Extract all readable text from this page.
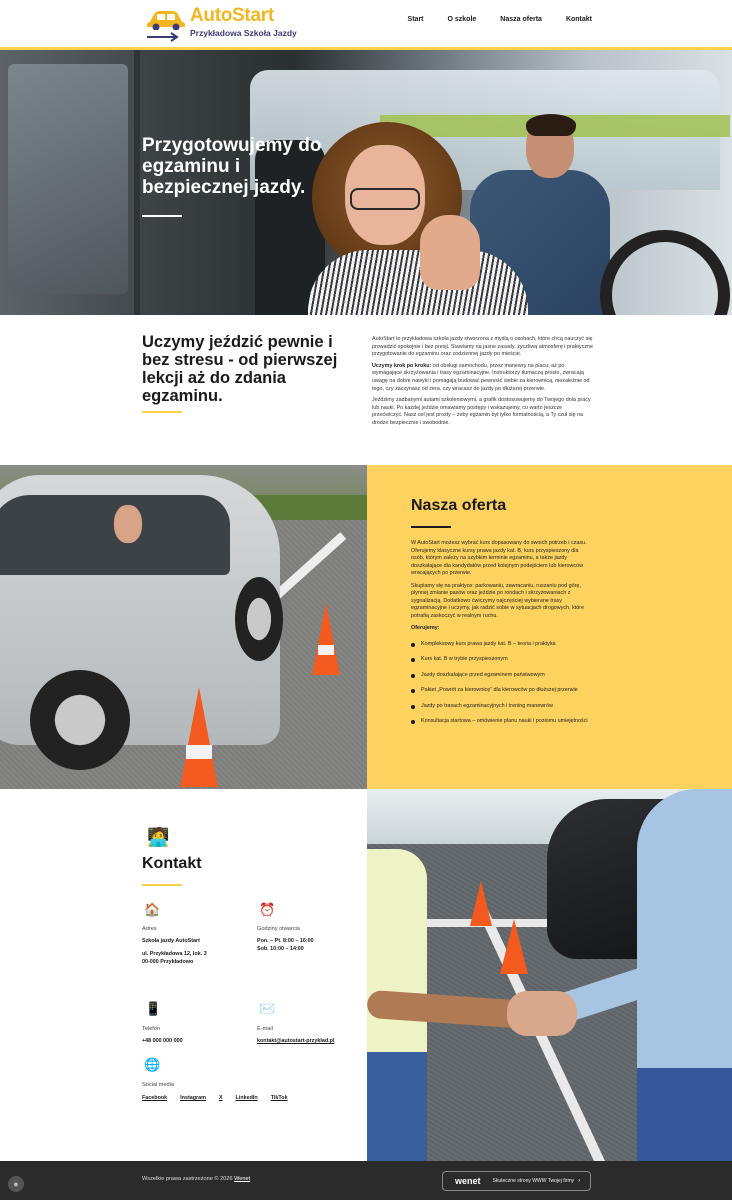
AutoStart
Przykładowa Szkoła Jazdy
Start	O szkole	Nasza oferta	Kontakt
Przygotowujemy do egzaminu i bezpiecznej jazdy.
Uczymy jeździć pewnie i bez stresu - od pierwszej lekcji aż do zdania egzaminu.

AutoStart to przykładowa szkoła jazdy stworzona z myślą o osobach, które chcą nauczyć się prowadzić spokojnie i bez presji. Stawiamy na jasne zasady, życzliwą atmosferę i praktyczne przygotowanie do egzaminu oraz codziennej jazdy po mieście.

Uczymy krok po kroku: od obsługi samochodu, przez manewry na placu, aż po wymagające skrzyżowania i trasy egzaminacyjne. Instruktorzy tłumaczą prosto, zwracają uwagę na dobre nawyki i pomagają budować pewność siebie za kierownicą, niezależnie od tego, czy zaczynasz od zera, czy wracasz do jazdy po dłuższej przerwie.

Jeździmy zadbanymi autami szkoleniowymi, a grafik dostosowujemy do Twojego dnia pracy lub nauki. Po każdej jeździe omawiamy postępy i wskazujemy, co warto jeszcze przećwiczyć. Nasz cel jest prosty – żeby egzamin był tylko formalnością, a Ty czuł się na drodze bezpiecznie i swobodnie.

Nasza oferta

W AutoStart możesz wybrać kurs dopasowany do swoich potrzeb i czasu. Oferujemy klasyczne kursy prawa jazdy kat. B, kurs przyspieszony dla osób, którym zależy na szybkim terminie egzaminu, a także jazdy doszkalające dla kandydatów przed kolejnym podejściem lub kierowców wracających po przerwie.

Skupiamy się na praktyce: parkowaniu, zawracaniu, ruszaniu pod górę, płynnej zmianie pasów oraz jeździe po rondach i skrzyżowaniach z sygnalizacją. Dodatkowo ćwiczymy najczęściej wybierane trasy egzaminacyjne i uczymy, jak radzić sobie w sytuacjach drogowych, które potrafią zaskoczyć w realnym ruchu.

Oferujemy:

Kompleksowy kurs prawa jazdy kat. B – teoria i praktyka
Kurs kat. B w trybie przyspieszonym
Jazdy doszkalające przed egzaminem państwowym
Pakiet „Powrót za kierownicę” dla kierowców po dłuższej przerwie
Jazdy po trasach egzaminacyjnych i trening manewrów
Konsultacja startowa – omówienie planu nauki i poziomu umiejętności
🧑‍💻
Kontakt
🏠
Adres
Szkoła jazdy AutoStart
ul. Przykładowa 12, lok. 3
00-000 Przykładowo
⏰
Godziny otwarcia
Pon. – Pt. 8:00 – 16:00
Sob. 10:00 – 14:00
📱
Telefon
+48 000 000 000
✉️
E-mail
kontakt@autostart-przyklad.pl
🌐
Social media
Facebook Instagram X LinkedIn TikTok
●	Wszelkie prawa zastrzeżone © 2026 Wenet	wenet Skuteczne strony WWW Twojej firmy ›
